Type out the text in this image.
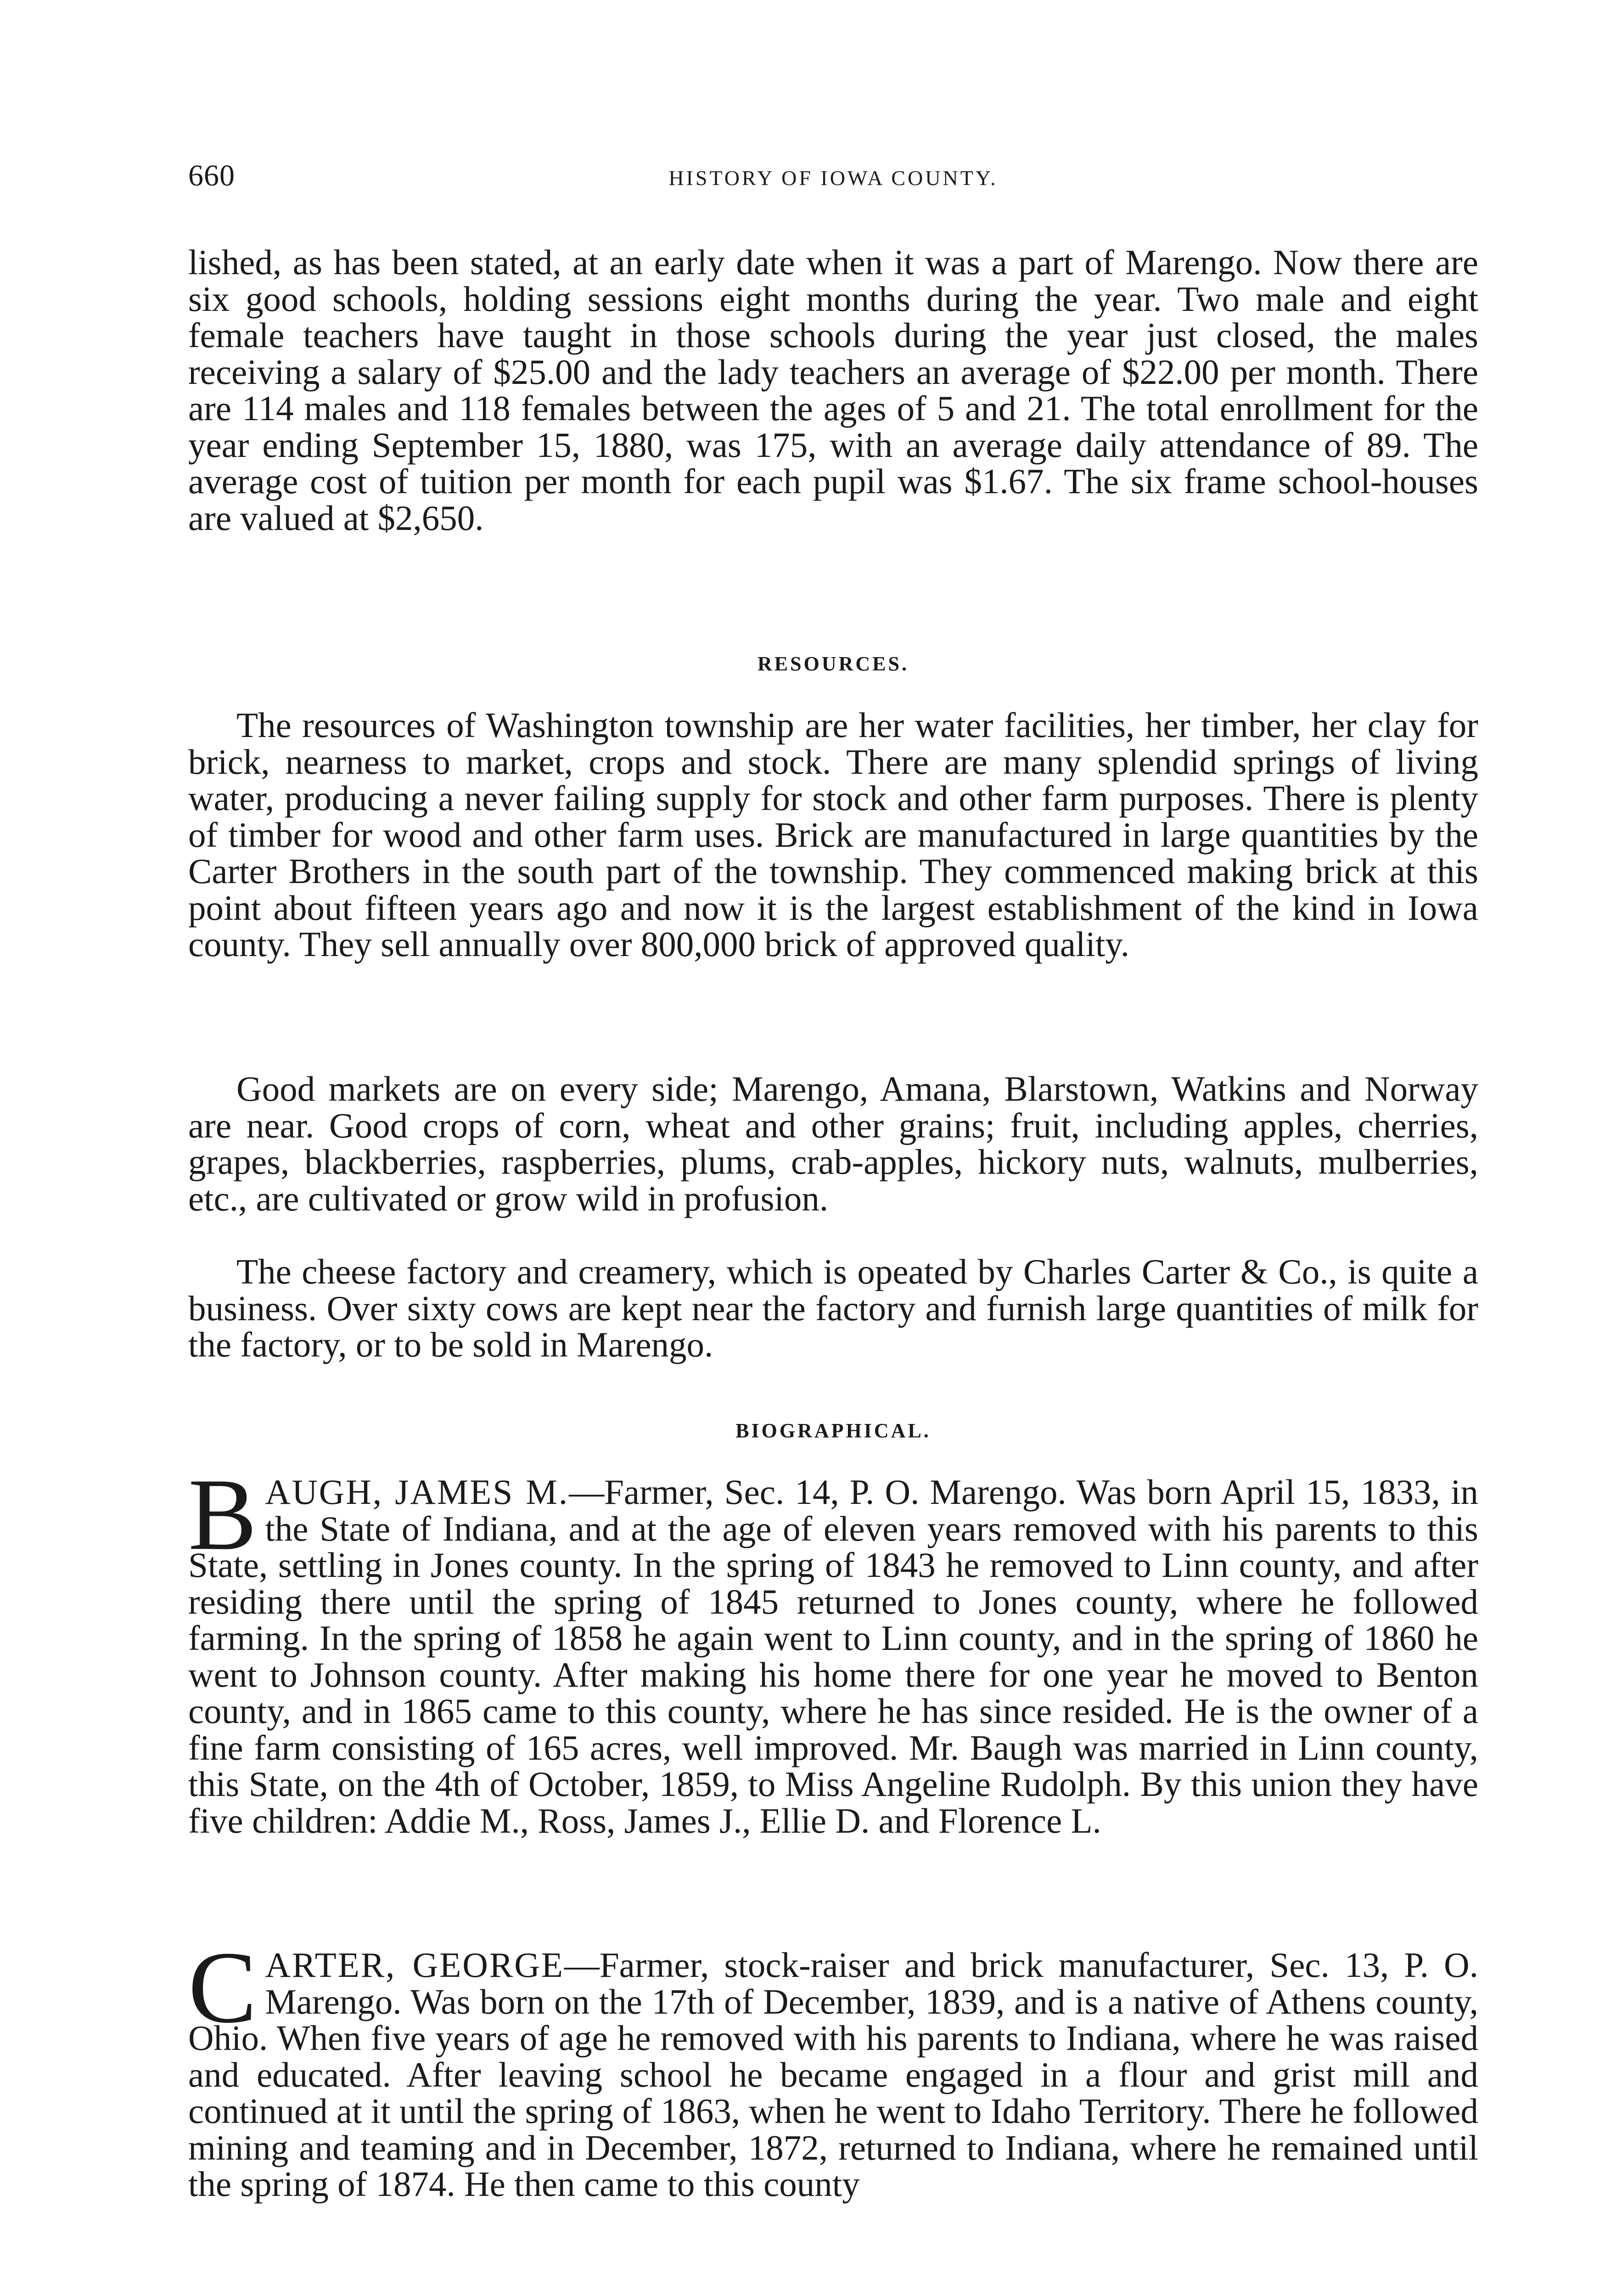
660	HISTORY OF IOWA COUNTY.

lished, as has been stated, at an early date when it was a part of Marengo. Now there are six good schools, holding sessions eight months during the year. Two male and eight female teachers have taught in those schools during the year just closed, the males receiving a salary of $25.00 and the lady teachers an average of $22.00 per month. There are 114 males and 118 females between the ages of 5 and 21. The total enrollment for the year ending September 15, 1880, was 175, with an average daily attendance of 89. The average cost of tuition per month for each pupil was $1.67. The six frame school-houses are valued at $2,650.

RESOURCES.

The resources of Washington township are her water facilities, her timber, her clay for brick, nearness to market, crops and stock. There are many splendid springs of living water, producing a never failing supply for stock and other farm purposes. There is plenty of timber for wood and other farm uses. Brick are manufactured in large quantities by the Carter Brothers in the south part of the township. They commenced making brick at this point about fifteen years ago and now it is the largest establishment of the kind in Iowa county. They sell annually over 800,000 brick of approved quality.

Good markets are on every side; Marengo, Amana, Blarstown, Watkins and Norway are near. Good crops of corn, wheat and other grains; fruit, including apples, cherries, grapes, blackberries, raspberries, plums, crab-apples, hickory nuts, walnuts, mulberries, etc., are cultivated or grow wild in profusion.

The cheese factory and creamery, which is opeated by Charles Carter & Co., is quite a business. Over sixty cows are kept near the factory and furnish large quantities of milk for the factory, or to be sold in Marengo.

BIOGRAPHICAL.

BAUGH, JAMES M.—Farmer, Sec. 14, P. O. Marengo. Was born April 15, 1833, in the State of Indiana, and at the age of eleven years removed with his parents to this State, settling in Jones county. In the spring of 1843 he removed to Linn county, and after residing there until the spring of 1845 returned to Jones county, where he followed farming. In the spring of 1858 he again went to Linn county, and in the spring of 1860 he went to Johnson county. After making his home there for one year he moved to Benton county, and in 1865 came to this county, where he has since resided. He is the owner of a fine farm consisting of 165 acres, well improved. Mr. Baugh was married in Linn county, this State, on the 4th of October, 1859, to Miss Angeline Rudolph. By this union they have five children: Addie M., Ross, James J., Ellie D. and Florence L.

CARTER, GEORGE—Farmer, stock-raiser and brick manufacturer, Sec. 13, P. O. Marengo. Was born on the 17th of December, 1839, and is a native of Athens county, Ohio. When five years of age he removed with his parents to Indiana, where he was raised and educated. After leaving school he became engaged in a flour and grist mill and continued at it until the spring of 1863, when he went to Idaho Territory. There he followed mining and teaming and in December, 1872, returned to Indiana, where he remained until the spring of 1874. He then came to this county
